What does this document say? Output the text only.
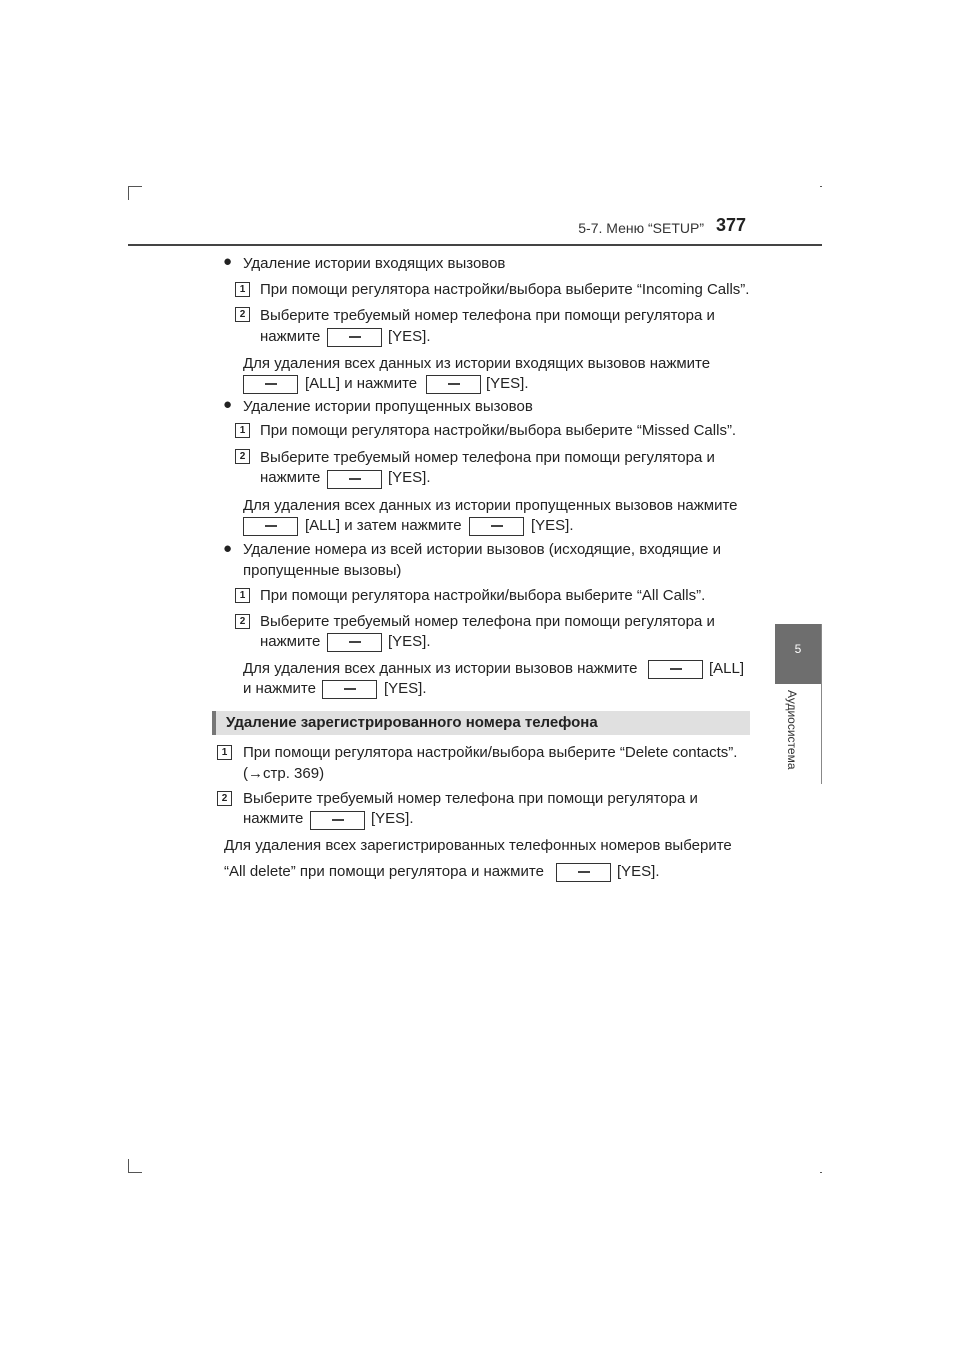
5-7. Меню “SETUP” 377
5
Аудиосистема
● Удаление истории входящих вызовов
1 При помощи регулятора настройки/выбора выберите “Incoming Calls”.
2 Выберите требуемый номер телефона при помощи регулятора и
нажмите	[YES].
Для удаления всех данных из истории входящих вызовов нажмите
[ALL] и нажмите	[YES].
● Удаление истории пропущенных вызовов
1 При помощи регулятора настройки/выбора выберите “Missed Calls”.
2 Выберите требуемый номер телефона при помощи регулятора и
нажмите	[YES].
Для удаления всех данных из истории пропущенных вызовов нажмите
[ALL] и затем нажмите	[YES].
● Удаление номера из всей истории вызовов (исходящие, входящие и
пропущенные вызовы)
1 При помощи регулятора настройки/выбора выберите “All Calls”.
2 Выберите требуемый номер телефона при помощи регулятора и
нажмите	[YES].
Для удаления всех данных из истории вызовов нажмите	[ALL]
и нажмите	[YES].
Удаление зарегистрированного номера телефона
1	При помощи регулятора настройки/выбора выберите “Delete contacts”.
(→стр. 369)
2	Выберите требуемый номер телефона при помощи регулятора и
нажмите	[YES].
Для удаления всех зарегистрированных телефонных номеров выберите
“All delete” при помощи регулятора и нажмите	[YES].
